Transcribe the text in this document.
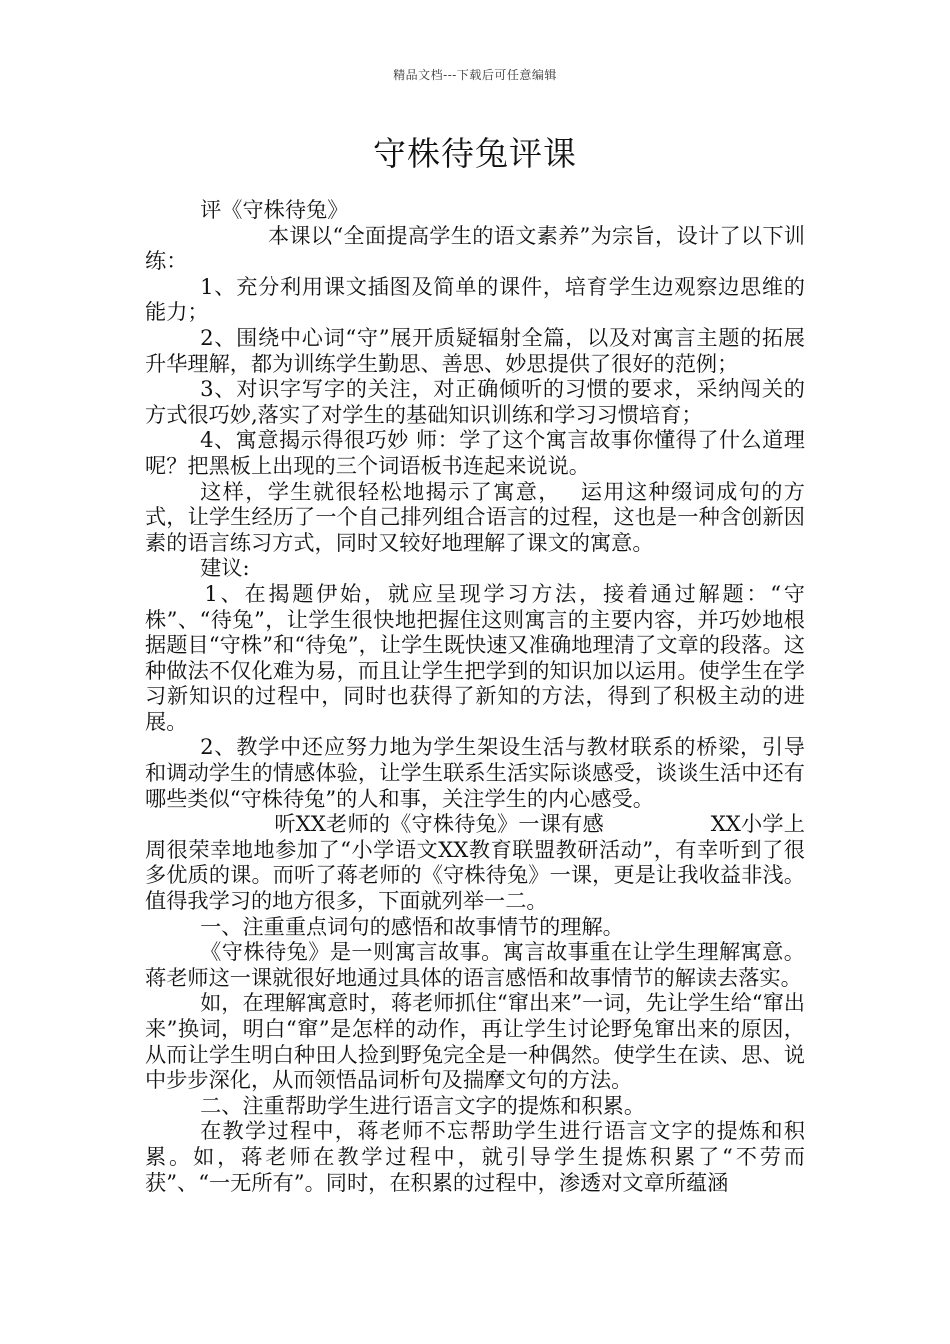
精品文档---下载后可任意编辑
守株待兔评课

评《守株待兔》

本课以“全面提高学生的语文素养”为宗旨，设计了以下训练：

1、充分利用课文插图及简单的课件，培育学生边观察边思维的能力；

2、围绕中心词“守”展开质疑辐射全篇，以及对寓言主题的拓展升华理解，都为训练学生勤思、善思、妙思提供了很好的范例；

3、对识字写字的关注，对正确倾听的习惯的要求，采纳闯关的方式很巧妙,落实了对学生的基础知识训练和学习习惯培育；

4、寓意揭示得很巧妙 师：学了这个寓言故事你懂得了什么道理呢？把黑板上出现的三个词语板书连起来说说。

这样，学生就很轻松地揭示了寓意，　 运用这种缀词成句的方式，让学生经历了一个自己排列组合语言的过程，这也是一种含创新因素的语言练习方式，同时又较好地理解了课文的寓意。

建议:

1、在揭题伊始，就应呈现学习方法，接着通过解题：“守株”、“待兔”，让学生很快地把握住这则寓言的主要内容，并巧妙地根据题目“守株”和“待兔”，让学生既快速又准确地理清了文章的段落。这种做法不仅化难为易，而且让学生把学到的知识加以运用。使学生在学习新知识的过程中，同时也获得了新知的方法，得到了积极主动的进展。

2、教学中还应努力地为学生架设生活与教材联系的桥梁，引导和调动学生的情感体验，让学生联系生活实际谈感受，谈谈生活中还有哪些类似“守株待兔”的人和事，关注学生的内心感受。

听XX老师的《守株待兔》一课有感　　　　　XX小学上周很荣幸地地参加了“小学语文XX教育联盟教研活动”，有幸听到了很多优质的课。而听了蒋老师的《守株待兔》一课，更是让我收益非浅。值得我学习的地方很多，下面就列举一二。

一、注重重点词句的感悟和故事情节的理解。

《守株待兔》是一则寓言故事。寓言故事重在让学生理解寓意。蒋老师这一课就很好地通过具体的语言感悟和故事情节的解读去落实。

如，在理解寓意时，蒋老师抓住“窜出来”一词，先让学生给“窜出来”换词，明白“窜”是怎样的动作，再让学生讨论野兔窜出来的原因，从而让学生明白种田人捡到野兔完全是一种偶然。使学生在读、思、说中步步深化，从而领悟品词析句及揣摩文句的方法。

二、注重帮助学生进行语言文字的提炼和积累。

在教学过程中，蒋老师不忘帮助学生进行语言文字的提炼和积累。如，蒋老师在教学过程中，就引导学生提炼积累了“不劳而获”、“一无所有”。同时，在积累的过程中，渗透对文章所蕴涵
